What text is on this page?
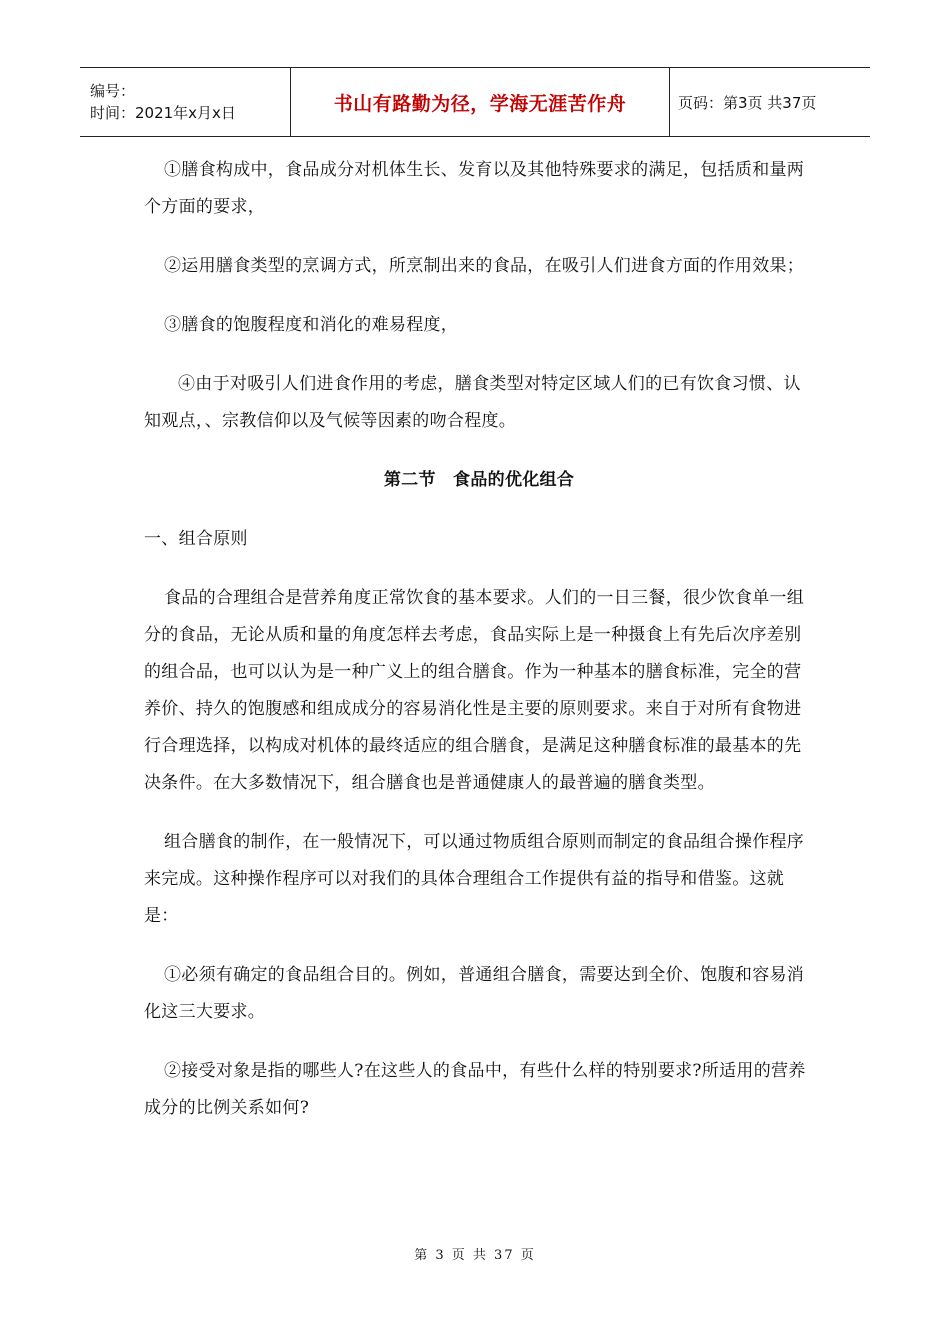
编号：
时间：2021年x月x日	书山有路勤为径，学海无涯苦作舟	页码：第3页 共37页

①膳食构成中，食品成分对机体生长、发育以及其他特殊要求的满足，包括质和量两个方面的要求，

②运用膳食类型的烹调方式，所烹制出来的食品，在吸引人们进食方面的作用效果；

③膳食的饱腹程度和消化的难易程度，

④由于对吸引人们进食作用的考虑，膳食类型对特定区域人们的已有饮食习惯、认知观点，、宗教信仰以及气候等因素的吻合程度。

第二节　食品的优化组合

一、组合原则

食品的合理组合是营养角度正常饮食的基本要求。人们的一日三餐，很少饮食单一组分的食品，无论从质和量的角度怎样去考虑，食品实际上是一种摄食上有先后次序差别的组合品，也可以认为是一种广义上的组合膳食。作为一种基本的膳食标准，完全的营养价、持久的饱腹感和组成成分的容易消化性是主要的原则要求。来自于对所有食物进行合理选择，以构成对机体的最终适应的组合膳食，是满足这种膳食标准的最基本的先决条件。在大多数情况下，组合膳食也是普通健康人的最普遍的膳食类型。

组合膳食的制作，在一般情况下，可以通过物质组合原则而制定的食品组合操作程序来完成。这种操作程序可以对我们的具体合理组合工作提供有益的指导和借鉴。这就是：

①必须有确定的食品组合目的。例如，普通组合膳食，需要达到全价、饱腹和容易消化这三大要求。

②接受对象是指的哪些人?在这些人的食品中，有些什么样的特别要求?所适用的营养成分的比例关系如何?

第 3 页 共 37 页
